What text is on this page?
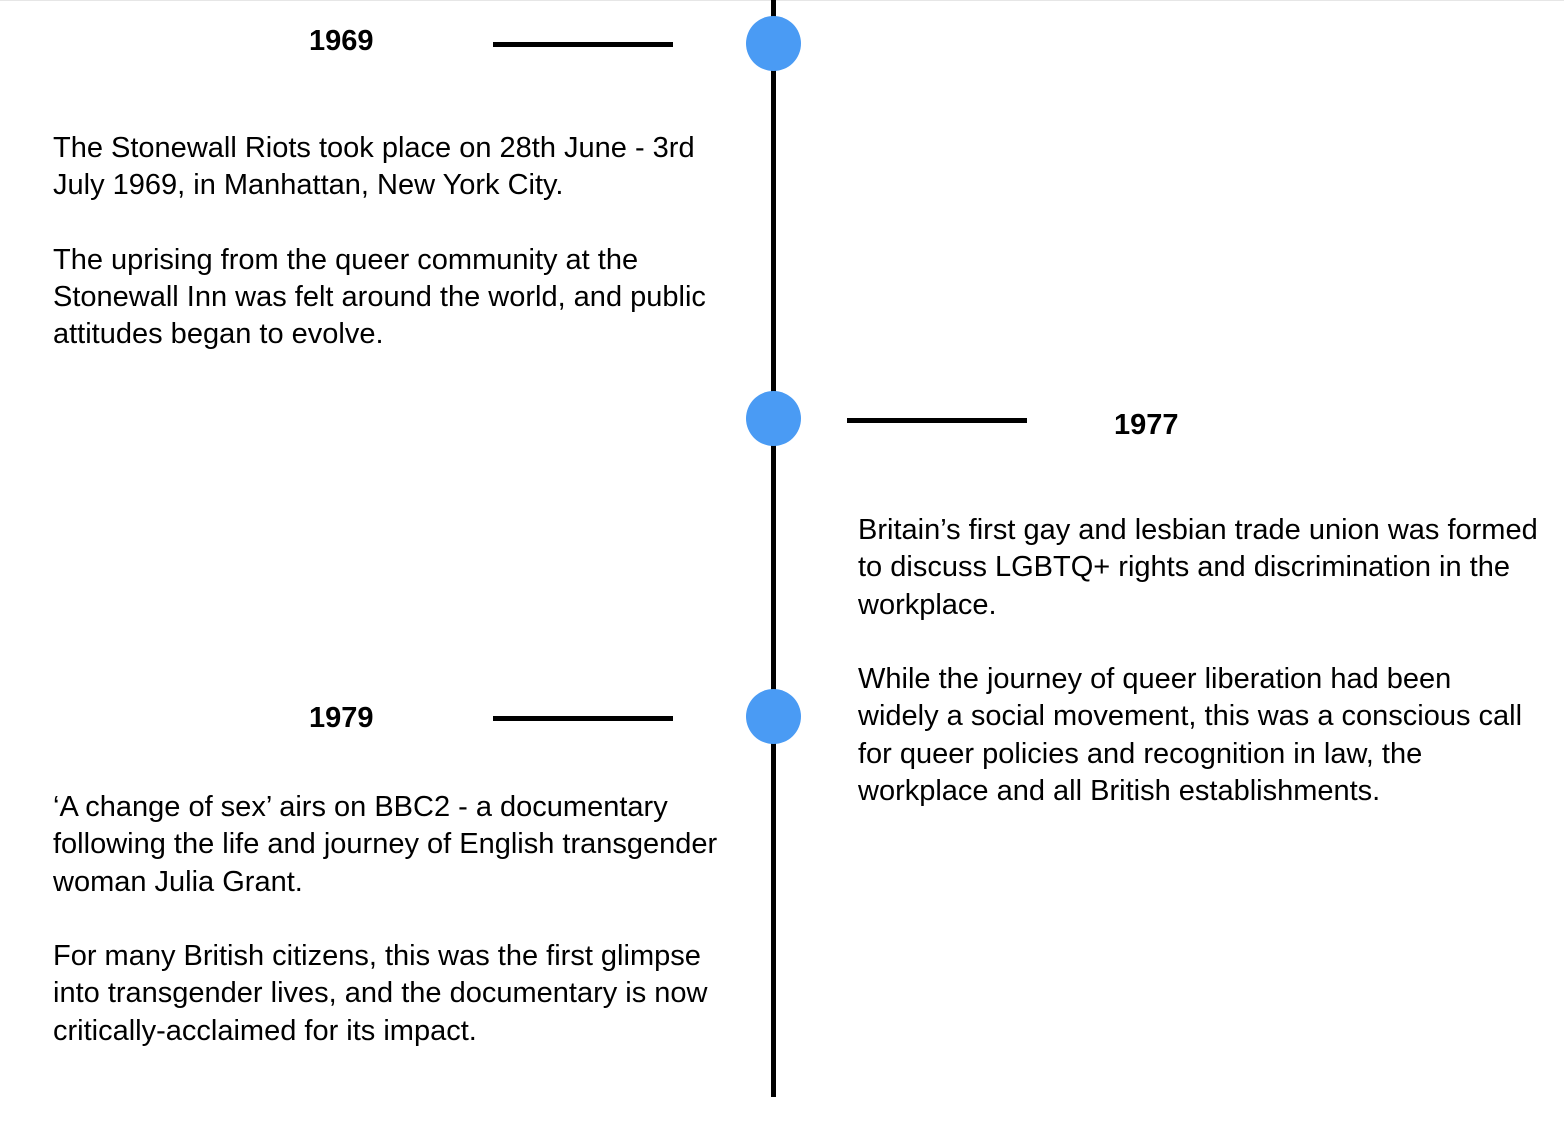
1969

The Stonewall Riots took place on 28th June - 3rd July 1969, in Manhattan, New York City.

The uprising from the queer community at the Stonewall Inn was felt around the world, and public attitudes began to evolve.

1977

Britain’s first gay and lesbian trade union was formed to discuss LGBTQ+ rights and discrimination in the workplace.

While the journey of queer liberation had been widely a social movement, this was a conscious call for queer policies and recognition in law, the workplace and all British establishments.

1979

‘A change of sex’ airs on BBC2 - a documentary following the life and journey of English transgender woman Julia Grant.

For many British citizens, this was the first glimpse into transgender lives, and the documentary is now critically-acclaimed for its impact.
